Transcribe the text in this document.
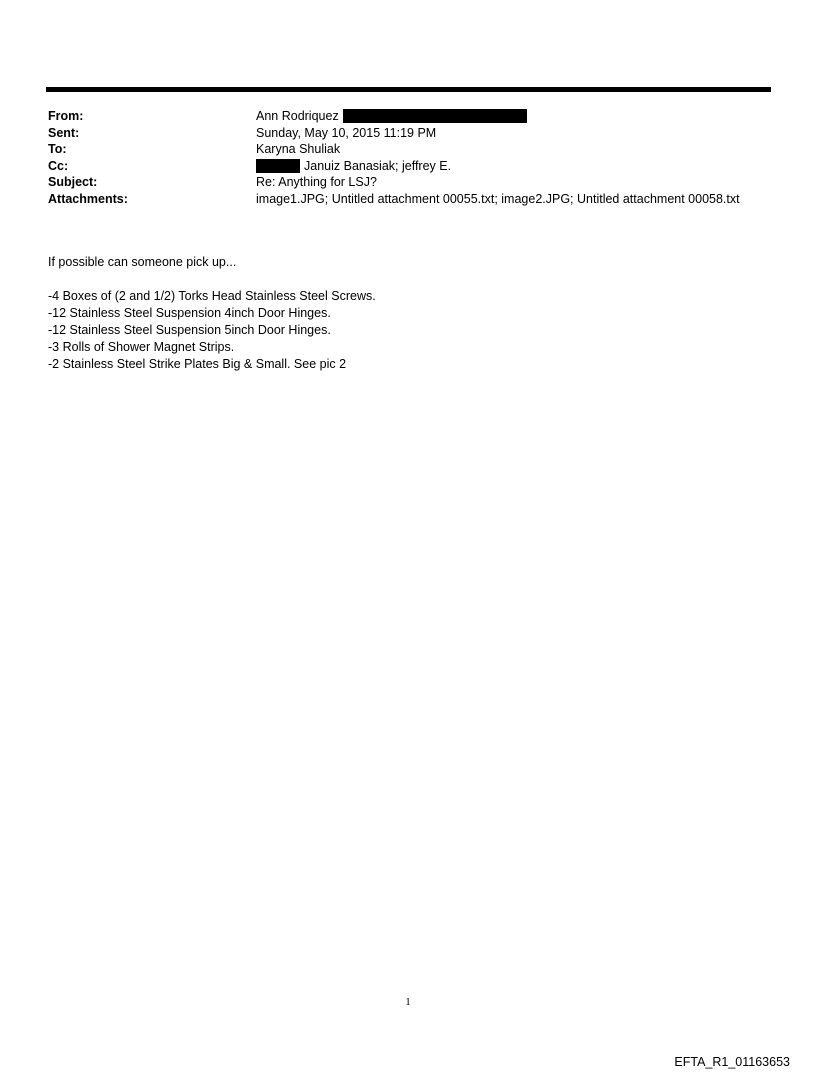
From:	Ann Rodriquez
Sent:	Sunday, May 10, 2015 11:19 PM
To:	Karyna Shuliak
Cc:	Januiz Banasiak; jeffrey E.
Subject:	Re: Anything for LSJ?
Attachments:	image1.JPG; Untitled attachment 00055.txt; image2.JPG; Untitled attachment 00058.txt
If possible can someone pick up...

-4 Boxes of (2 and 1/2) Torks Head Stainless Steel Screws.

-12 Stainless Steel Suspension 4inch Door Hinges.

-12 Stainless Steel Suspension 5inch Door Hinges.

-3 Rolls of Shower Magnet Strips.

-2 Stainless Steel Strike Plates Big & Small. See pic 2

1
EFTA_R1_01163653
